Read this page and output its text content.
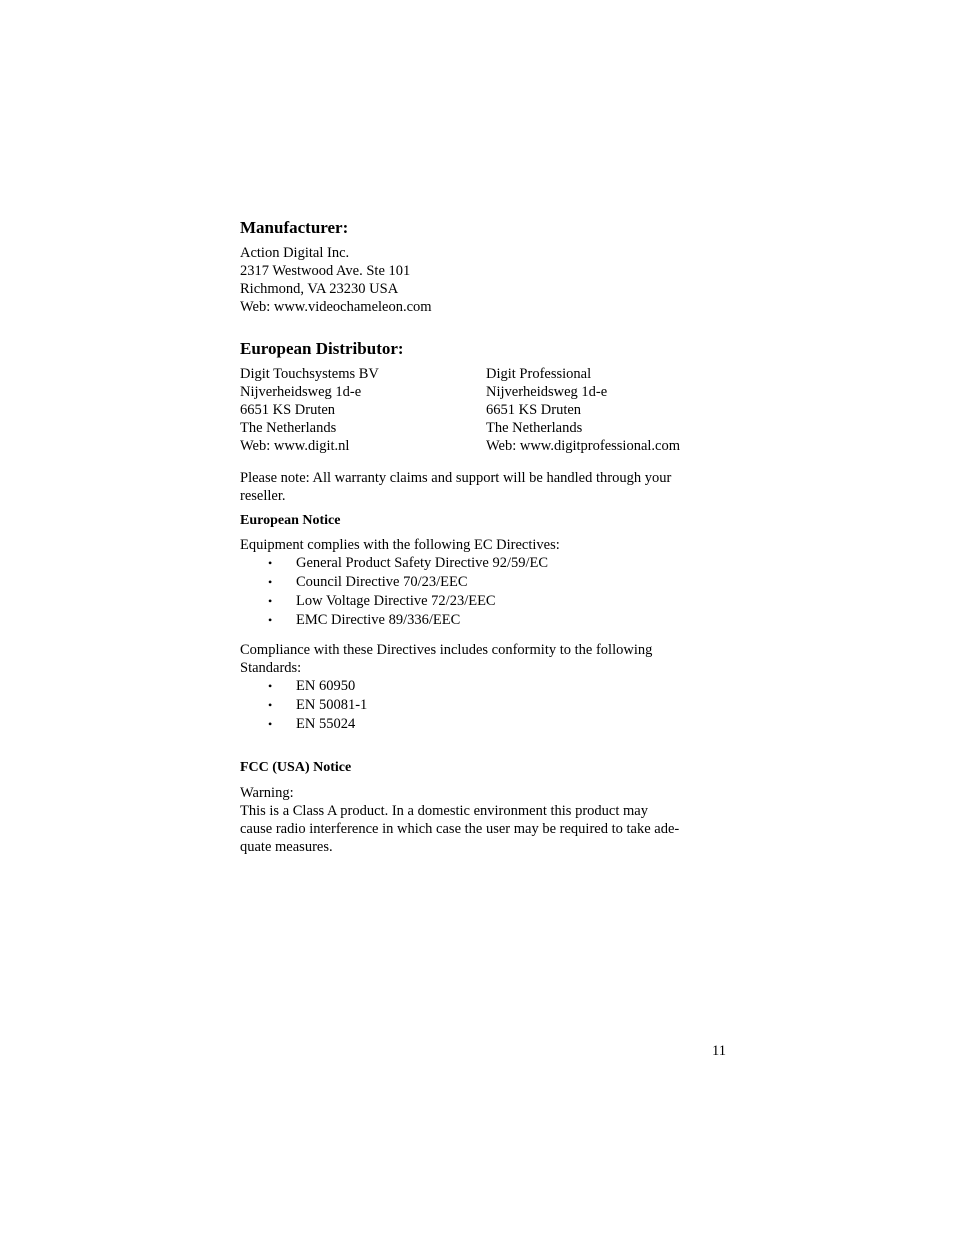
Manufacturer:
Action Digital Inc.
2317 Westwood Ave. Ste 101
Richmond, VA 23230 USA
Web: www.videochameleon.com
European Distributor:
Digit Touchsystems BV
Nijverheidsweg 1d-e
6651 KS Druten
The Netherlands
Web: www.digit.nl
Digit Professional
Nijverheidsweg 1d-e
6651 KS Druten
The Netherlands
Web: www.digitprofessional.com
Please note: All warranty claims and support will be handled through your
reseller.
European Notice
Equipment complies with the following EC Directives:
• General Product Safety Directive 92/59/EC
• Council Directive 70/23/EEC
• Low Voltage Directive 72/23/EEC
• EMC Directive 89/336/EEC
Compliance with these Directives includes conformity to the following
Standards:
• EN 60950
• EN 50081-1
• EN 55024
FCC (USA) Notice
Warning:
This is a Class A product. In a domestic environment this product may
cause radio interference in which case the user may be required to take ade-
quate measures.
11
